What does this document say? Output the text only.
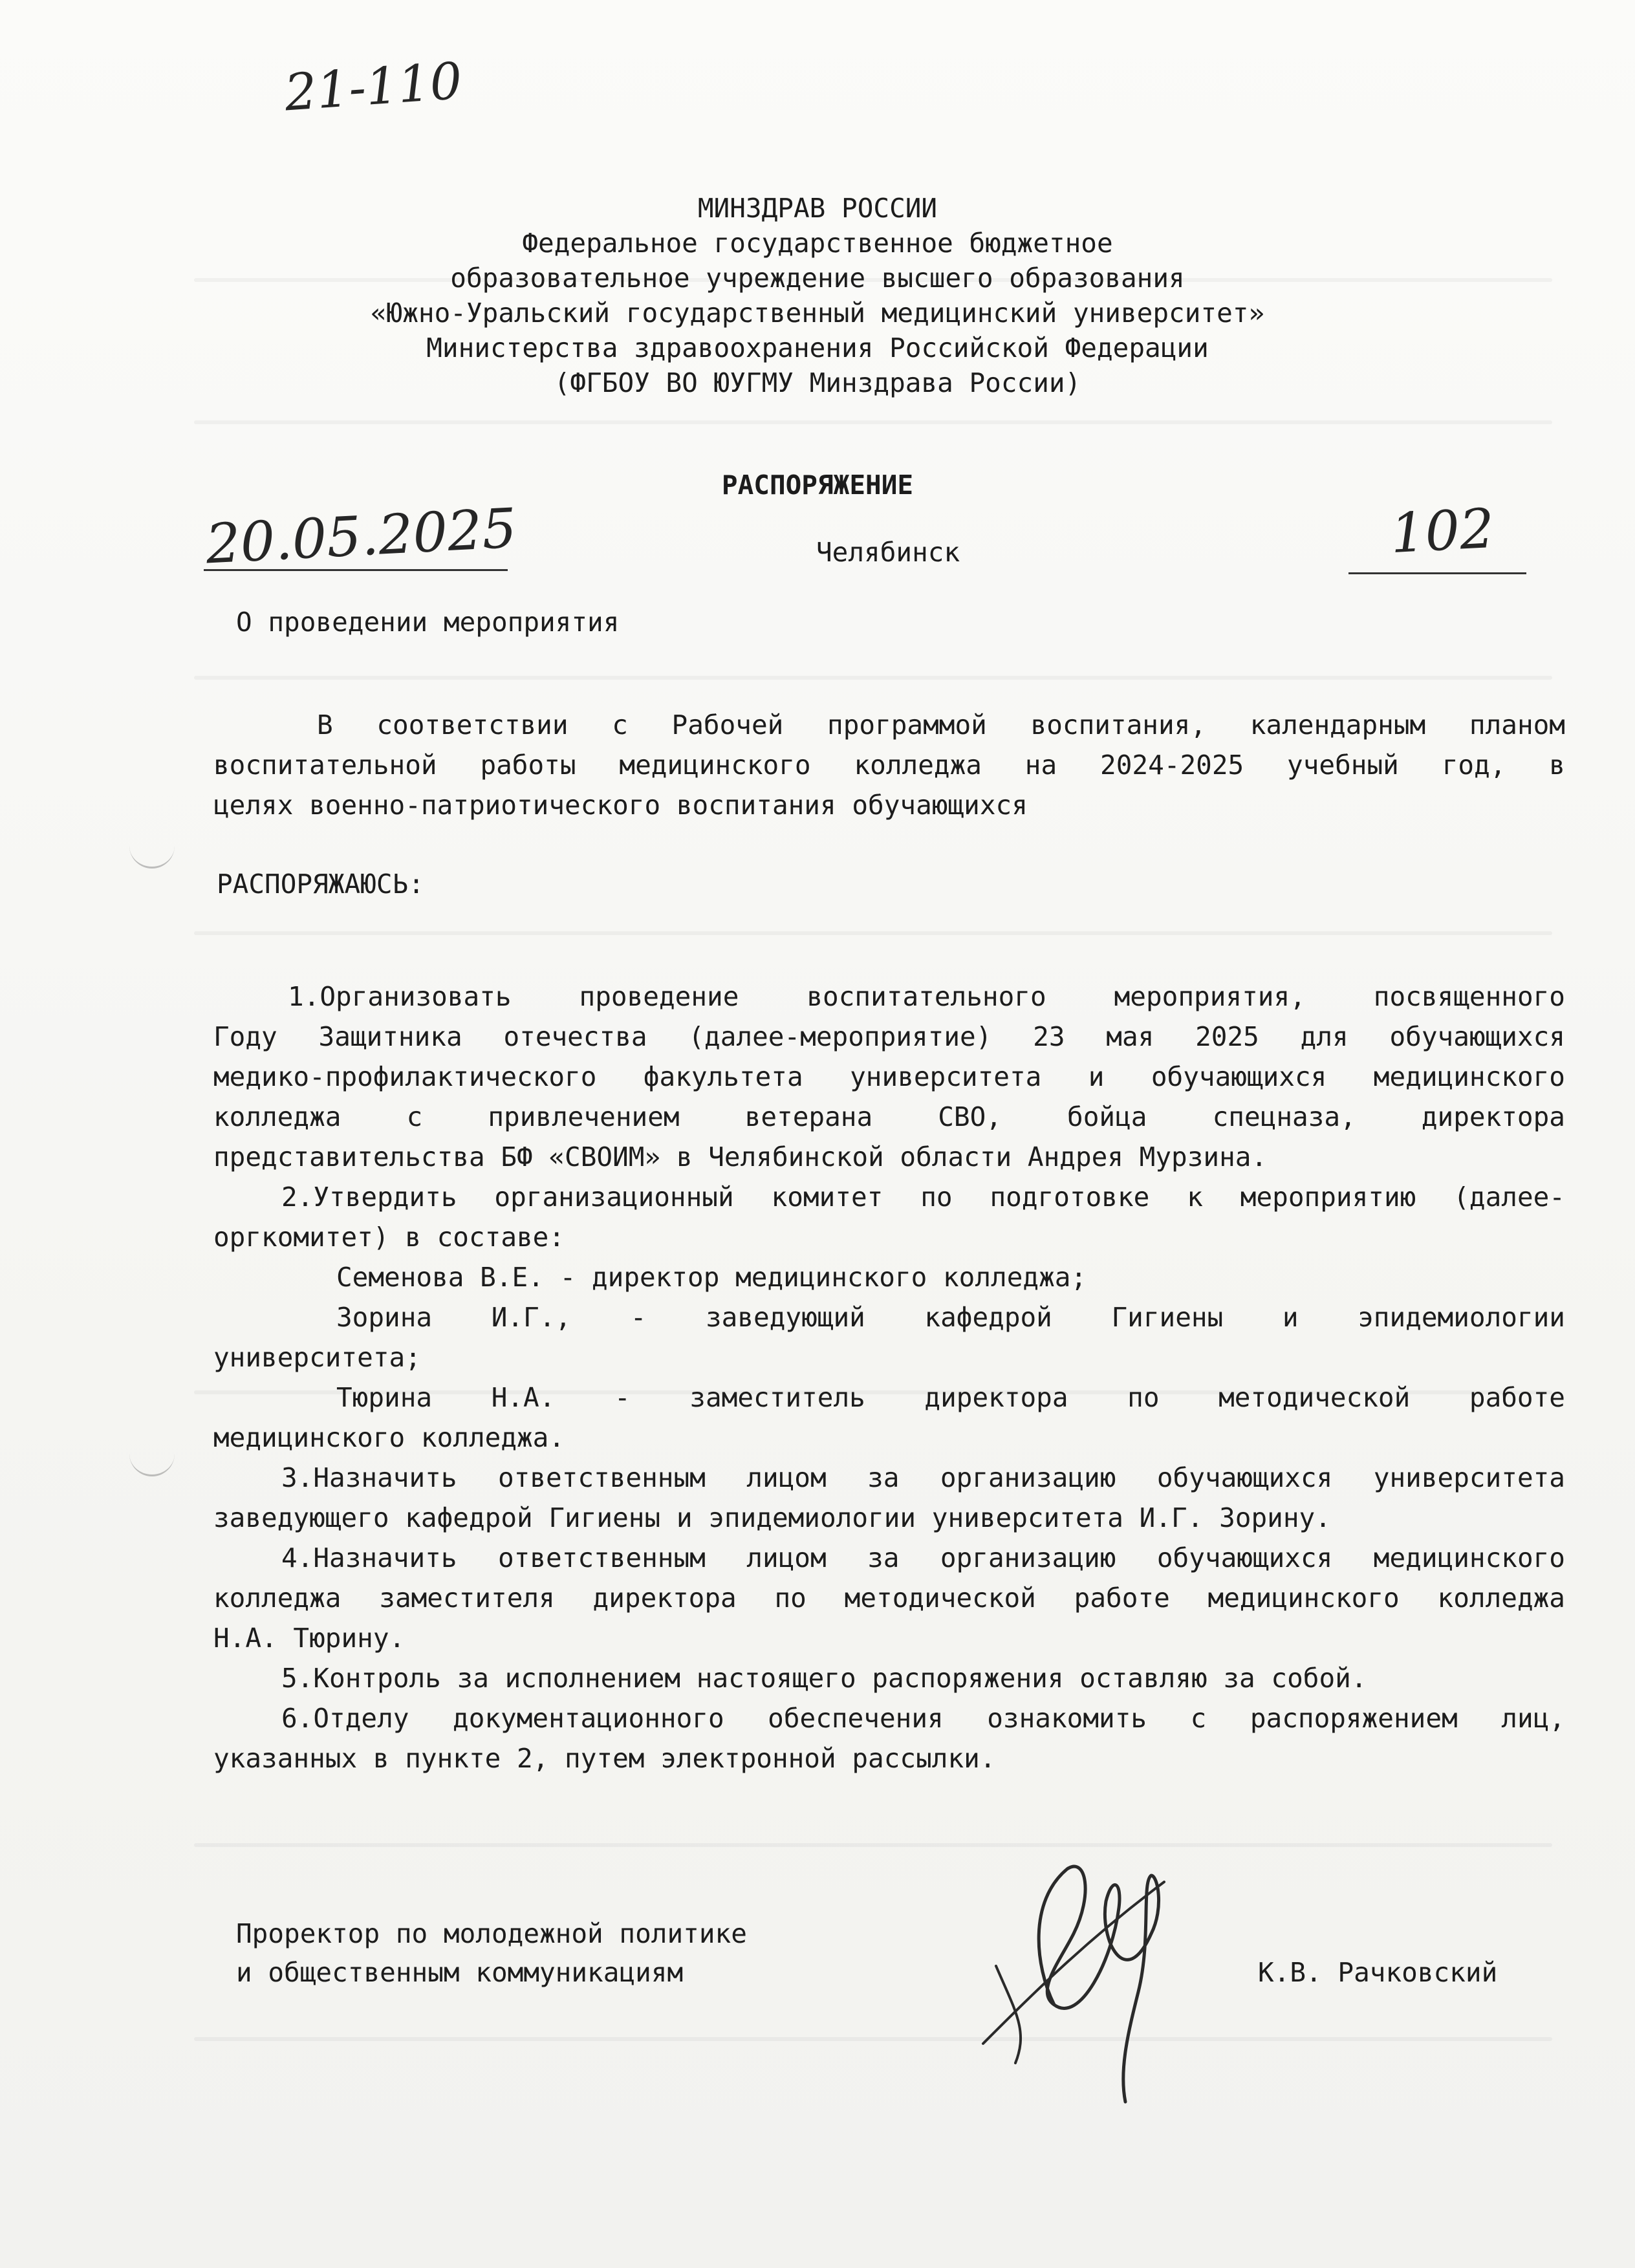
21-110
МИНЗДРАВ РОССИИ
Федеральное государственное бюджетное
образовательное учреждение высшего образования
«Южно-Уральский государственный медицинский университет»
Министерства здравоохранения Российской Федерации
(ФГБОУ ВО ЮУГМУ Минздрава России)
РАСПОРЯЖЕНИЕ
20.05.2025	Челябинск	102
О проведении мероприятия
В соответствии с Рабочей программой воспитания, календарным планом
воспитательной работы медицинского колледжа на 2024-2025 учебный год, в
целях военно-патриотического воспитания обучающихся
РАСПОРЯЖАЮСЬ:
1.Организовать проведение воспитательного мероприятия, посвященного
Году Защитника отечества (далее-мероприятие) 23 мая 2025 для обучающихся
медико-профилактического факультета университета и обучающихся медицинского
колледжа с привлечением ветерана СВО, бойца спецназа, директора
представительства БФ «СВОИМ» в Челябинской области Андрея Мурзина.
2.Утвердить организационный комитет по подготовке к мероприятию (далее-
оргкомитет) в составе:
Семенова В.Е. - директор медицинского колледжа;
Зорина И.Г., - заведующий кафедрой Гигиены и эпидемиологии
университета;
Тюрина Н.А. - заместитель директора по методической работе
медицинского колледжа.
3.Назначить ответственным лицом за организацию обучающихся университета
заведующего кафедрой Гигиены и эпидемиологии университета И.Г. Зорину.
4.Назначить ответственным лицом за организацию обучающихся медицинского
колледжа заместителя директора по методической работе медицинского колледжа
Н.А. Тюрину.
5.Контроль за исполнением настоящего распоряжения оставляю за собой.
6.Отделу документационного обеспечения ознакомить с распоряжением лиц,
указанных в пункте 2, путем электронной рассылки.
Проректор по молодежной политике
и общественным коммуникациям	К.В. Рачковский
